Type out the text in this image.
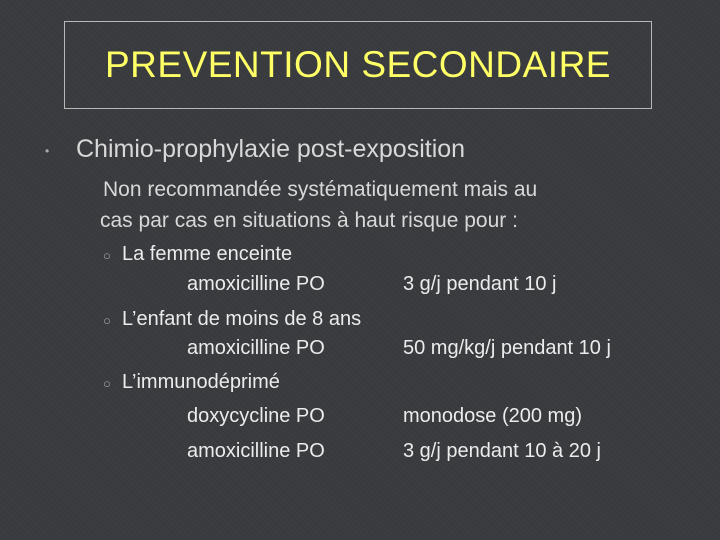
PREVENTION SECONDAIRE
• Chimio-prophylaxie post-exposition
Non recommandée systématiquement mais au
cas par cas en situations à haut risque pour :
○ La femme enceinte
amoxicilline PO	3 g/j pendant 10 j
○ L’enfant de moins de 8 ans
amoxicilline PO	50 mg/kg/j pendant 10 j
○ L’immunodéprimé
doxycycline PO	monodose (200 mg)
amoxicilline PO	3 g/j pendant 10 à 20 j
